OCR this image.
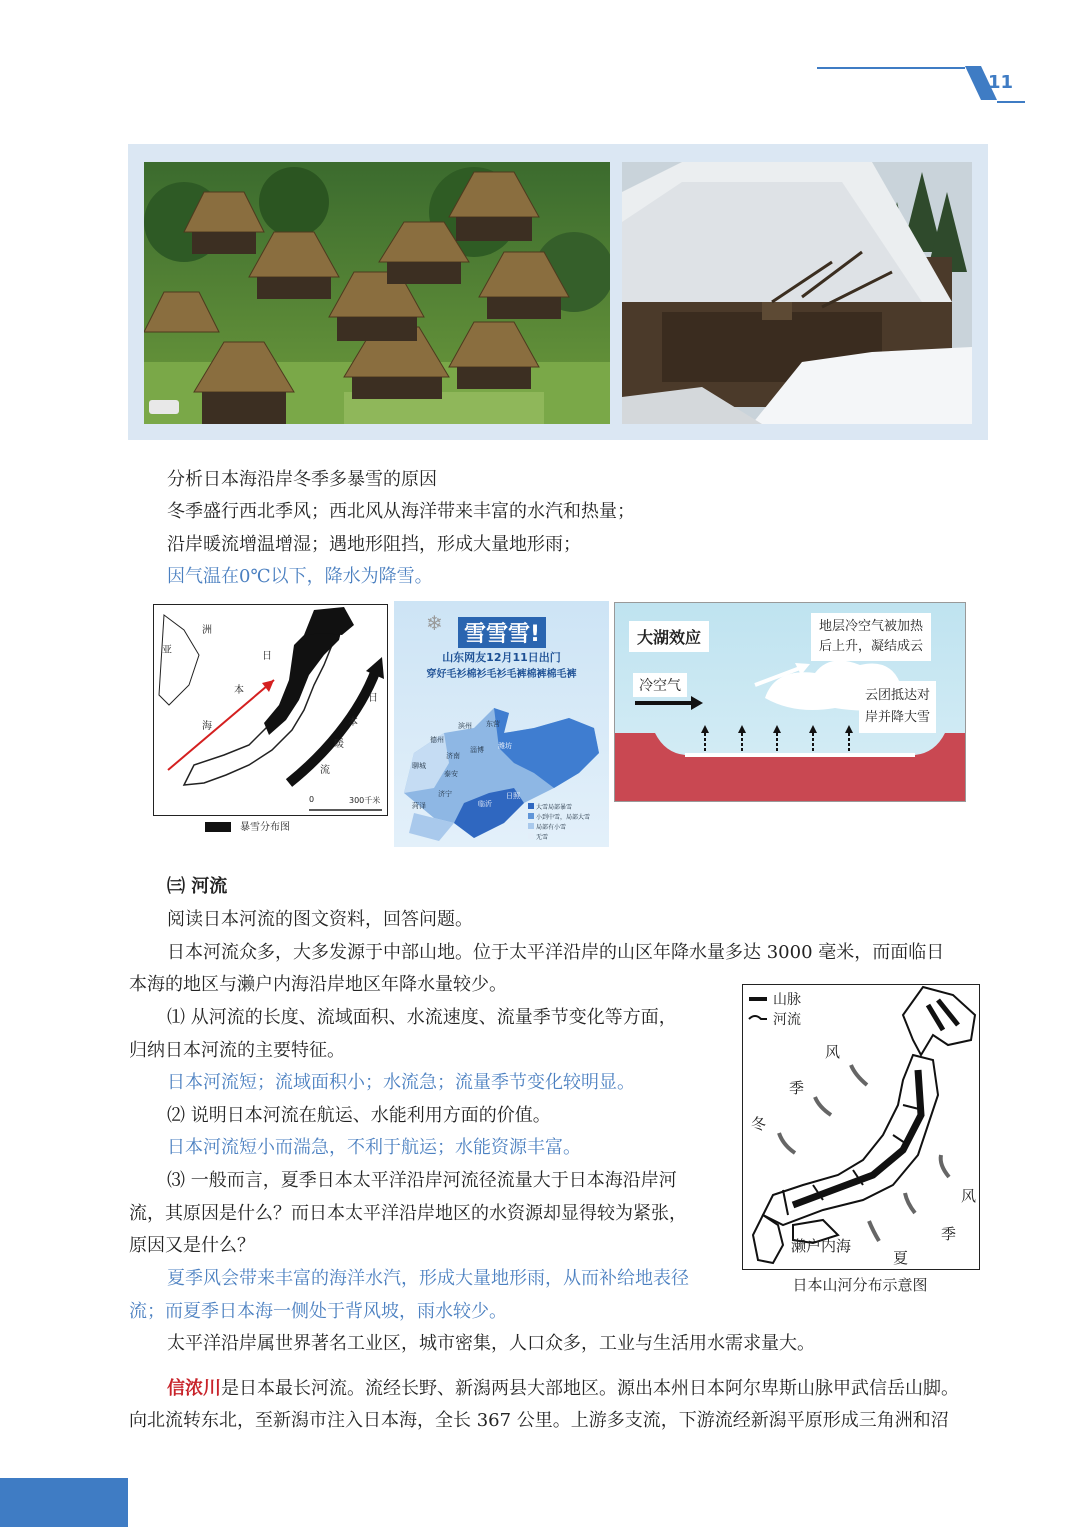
11
分析日本海沿岸冬季多暴雪的原因
冬季盛行西北季风；西北风从海洋带来丰富的水汽和热量；
沿岸暖流增温增湿；遇地形阻挡，形成大量地形雨；
因气温在0℃以下，降水为降雪。
亚
洲
日
本
海
日
本
暖
流
0	300千米
暴雪分布图
❄ 雪雪雪!
山东网友12月11日出门
穿好毛衫棉衫毛衫毛裤棉裤棉毛裤
滨州 东营
德州
济南
淄博 潍坊
聊城
泰安
临沂
菏泽
济宁	日照
大雪局部暴雪
小到中雪，局部大雪
局部有小雪
无雪
大湖效应
冷空气
地层冷空气被加热
后上升，凝结成云
云团抵达对
岸并降大雪
㈢ 河流
阅读日本河流的图文资料，回答问题。
日本河流众多，大多发源于中部山地。位于太平洋沿岸的山区年降水量多达 3000 毫米，而面临日
本海的地区与濑户内海沿岸地区年降水量较少。
⑴ 从河流的长度、流域面积、水流速度、流量季节变化等方面，
归纳日本河流的主要特征。
日本河流短；流域面积小；水流急；流量季节变化较明显。
⑵ 说明日本河流在航运、水能利用方面的价值。
日本河流短小而湍急，不利于航运；水能资源丰富。
⑶ 一般而言，夏季日本太平洋沿岸河流径流量大于日本海沿岸河
流，其原因是什么？而日本太平洋沿岸地区的水资源却显得较为紧张，
原因又是什么？
夏季风会带来丰富的海洋水汽，形成大量地形雨，从而补给地表径
流；而夏季日本海一侧处于背风坡，雨水较少。
太平洋沿岸属世界著名工业区，城市密集，人口众多，工业与生活用水需求量大。
山脉
河流
风
季
冬
风
季
夏
濑户内海
日本山河分布示意图
信浓川是日本最长河流。流经长野、新潟两县大部地区。源出本州日本阿尔卑斯山脉甲武信岳山脚。
向北流转东北，至新潟市注入日本海，全长 367 公里。上游多支流，下游流经新潟平原形成三角洲和沼
